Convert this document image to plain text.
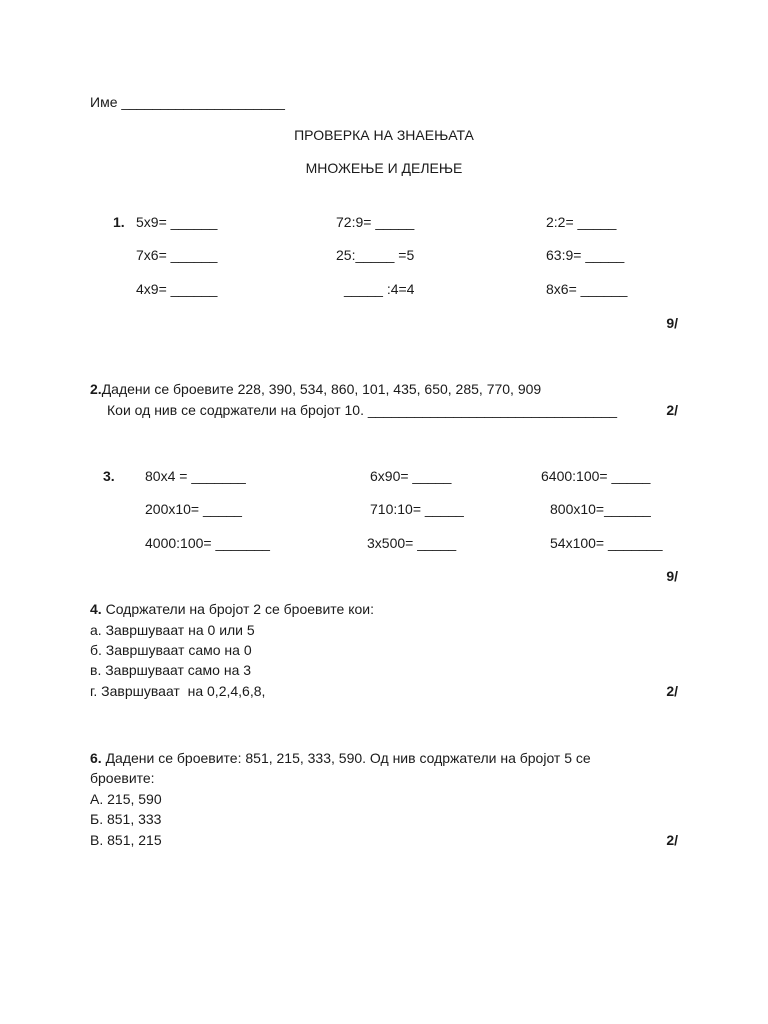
Име _____________________
ПРОВЕРКА НА ЗНАЕЊАТА
МНОЖЕЊЕ И ДЕЛЕЊЕ
1. 5x9= ______	72:9= _____	2:2= _____
7x6= ______	25:_____ =5	63:9= _____
4x9= ______	_____ :4=4	8x6= ______
9/
2.Дадени се броевите 228, 390, 534, 860, 101, 435, 650, 285, 770, 909
Кои од нив се содржатели на бројот 10. ________________________________	2/
3. 80x4 = _______	6x90= _____	6400:100= _____
200x10= _____	710:10= _____	800x10=______
4000:100= _______	3x500= _____	54x100= _______
9/
4. Содржатели на бројот 2 се броевите кои:
а. Завршуваат на 0 или 5
б. Завршуваат само на 0
в. Завршуваат само на 3
г. Завршуваат  на 0,2,4,6,8,	2/
6. Дадени се броевите: 851, 215, 333, 590. Од нив содржатели на бројот 5 се
броевите:
А. 215, 590
Б. 851, 333
В. 851, 215	2/
